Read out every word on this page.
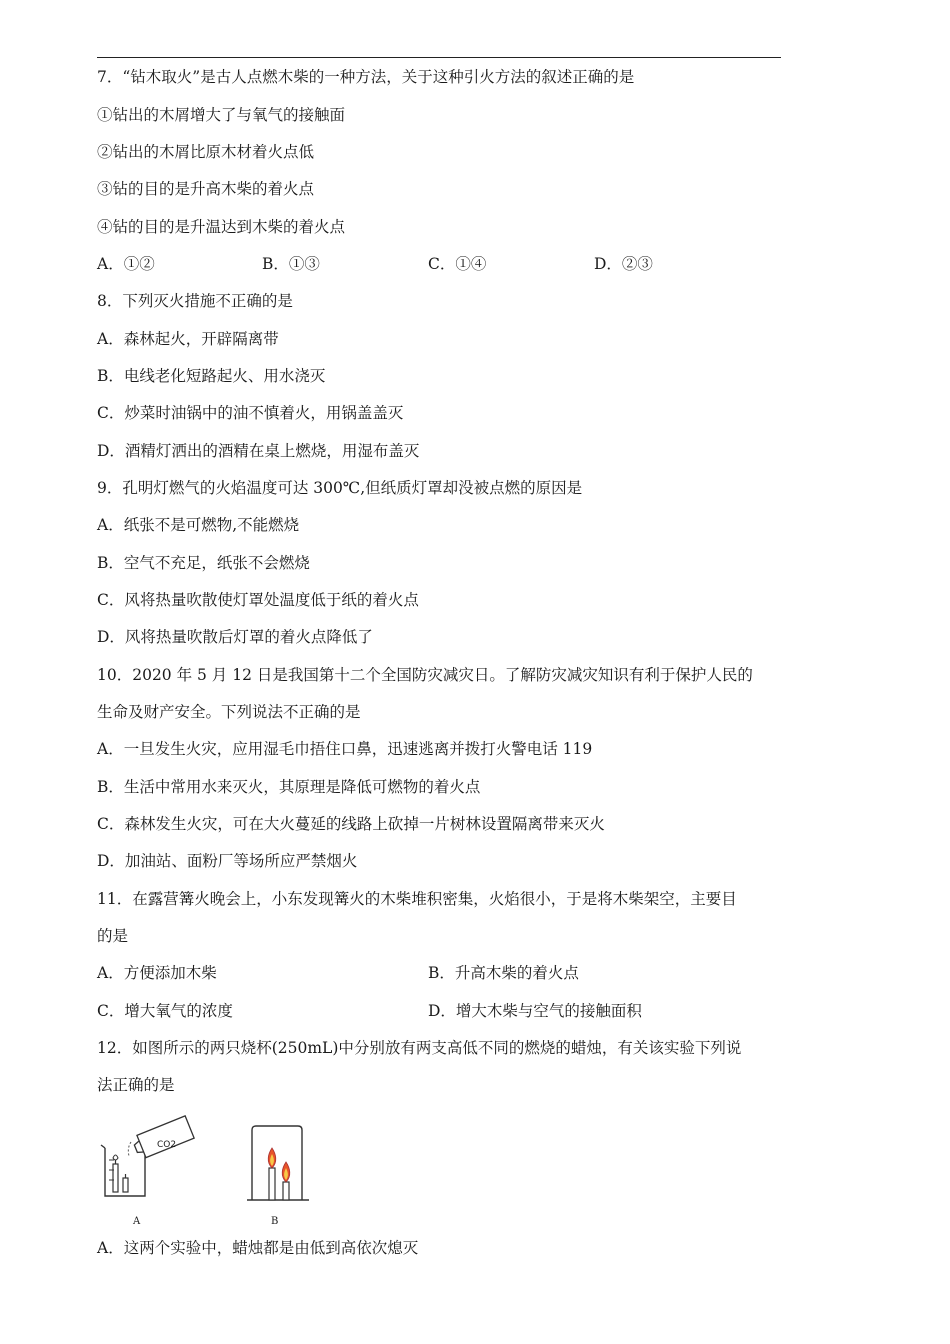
7．“钻木取火”是古人点燃木柴的一种方法，关于这种引火方法的叙述正确的是
①钻出的木屑增大了与氧气的接触面
②钻出的木屑比原木材着火点低
③钻的目的是升高木柴的着火点
④钻的目的是升温达到木柴的着火点
A．①②	B．①③	C．①④	D．②③
8．下列灭火措施不正确的是
A．森林起火，开辟隔离带
B．电线老化短路起火、用水浇灭
C．炒菜时油锅中的油不慎着火，用锅盖盖灭
D．酒精灯洒出的酒精在桌上燃烧，用湿布盖灭
9．孔明灯燃气的火焰温度可达 300℃,但纸质灯罩却没被点燃的原因是
A．纸张不是可燃物,不能燃烧
B．空气不充足，纸张不会燃烧
C．风将热量吹散使灯罩处温度低于纸的着火点
D．风将热量吹散后灯罩的着火点降低了
10．2020 年 5 月 12 日是我国第十二个全国防灾减灾日。了解防灾减灾知识有利于保护人民的
生命及财产安全。下列说法不正确的是
A．一旦发生火灾，应用湿毛巾捂住口鼻，迅速逃离并拨打火警电话 119
B．生活中常用水来灭火，其原理是降低可燃物的着火点
C．森林发生火灾，可在大火蔓延的线路上砍掉一片树林设置隔离带来灭火
D．加油站、面粉厂等场所应严禁烟火
11．在露营篝火晚会上，小东发现篝火的木柴堆积密集，火焰很小，于是将木柴架空，主要目
的是
A．方便添加木柴	B．升高木柴的着火点
C．增大氧气的浓度	D．增大木柴与空气的接触面积
12．如图所示的两只烧杯(250mL)中分别放有两支高低不同的燃烧的蜡烛，有关该实验下列说
法正确的是
CO2
A	B
A．这两个实验中，蜡烛都是由低到高依次熄灭
